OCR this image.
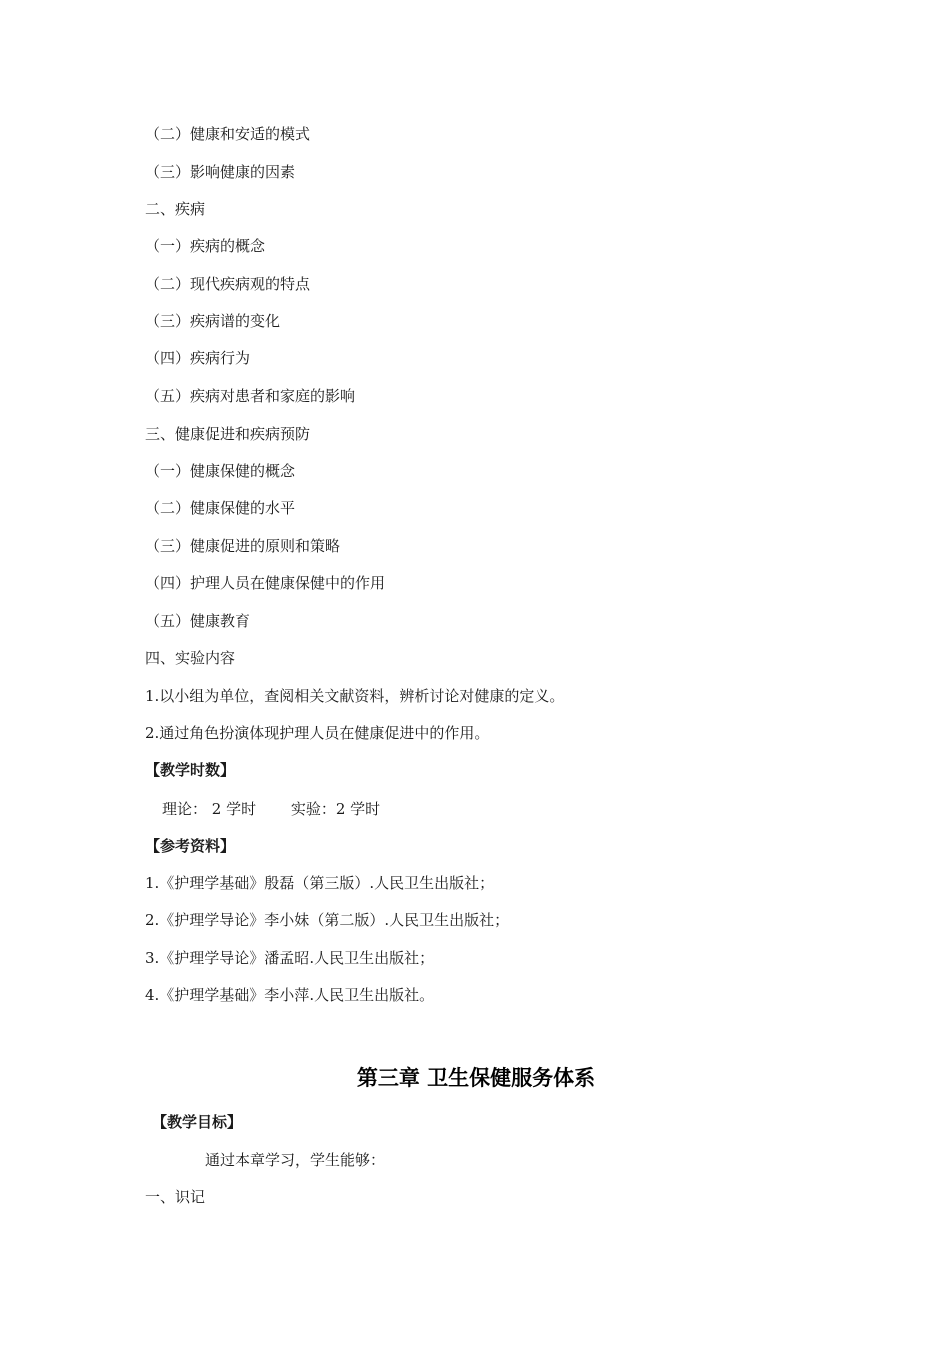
（二）健康和安适的模式
（三）影响健康的因素
二、疾病
（一）疾病的概念
（二）现代疾病观的特点
（三）疾病谱的变化
（四）疾病行为
（五）疾病对患者和家庭的影响
三、健康促进和疾病预防
（一）健康保健的概念
（二）健康保健的水平
（三）健康促进的原则和策略
（四）护理人员在健康保健中的作用
（五）健康教育
四、实验内容
1.以小组为单位，查阅相关文献资料，辨析讨论对健康的定义。
2.通过角色扮演体现护理人员在健康促进中的作用。
【教学时数】
理论： 2 学时　　 实验：2 学时
【参考资料】
1.《护理学基础》殷磊（第三版）.人民卫生出版社；
2.《护理学导论》李小妹（第二版）.人民卫生出版社；
3.《护理学导论》潘孟昭.人民卫生出版社；
4.《护理学基础》李小萍.人民卫生出版社。
第三章 卫生保健服务体系
【教学目标】
通过本章学习，学生能够：
一、识记
